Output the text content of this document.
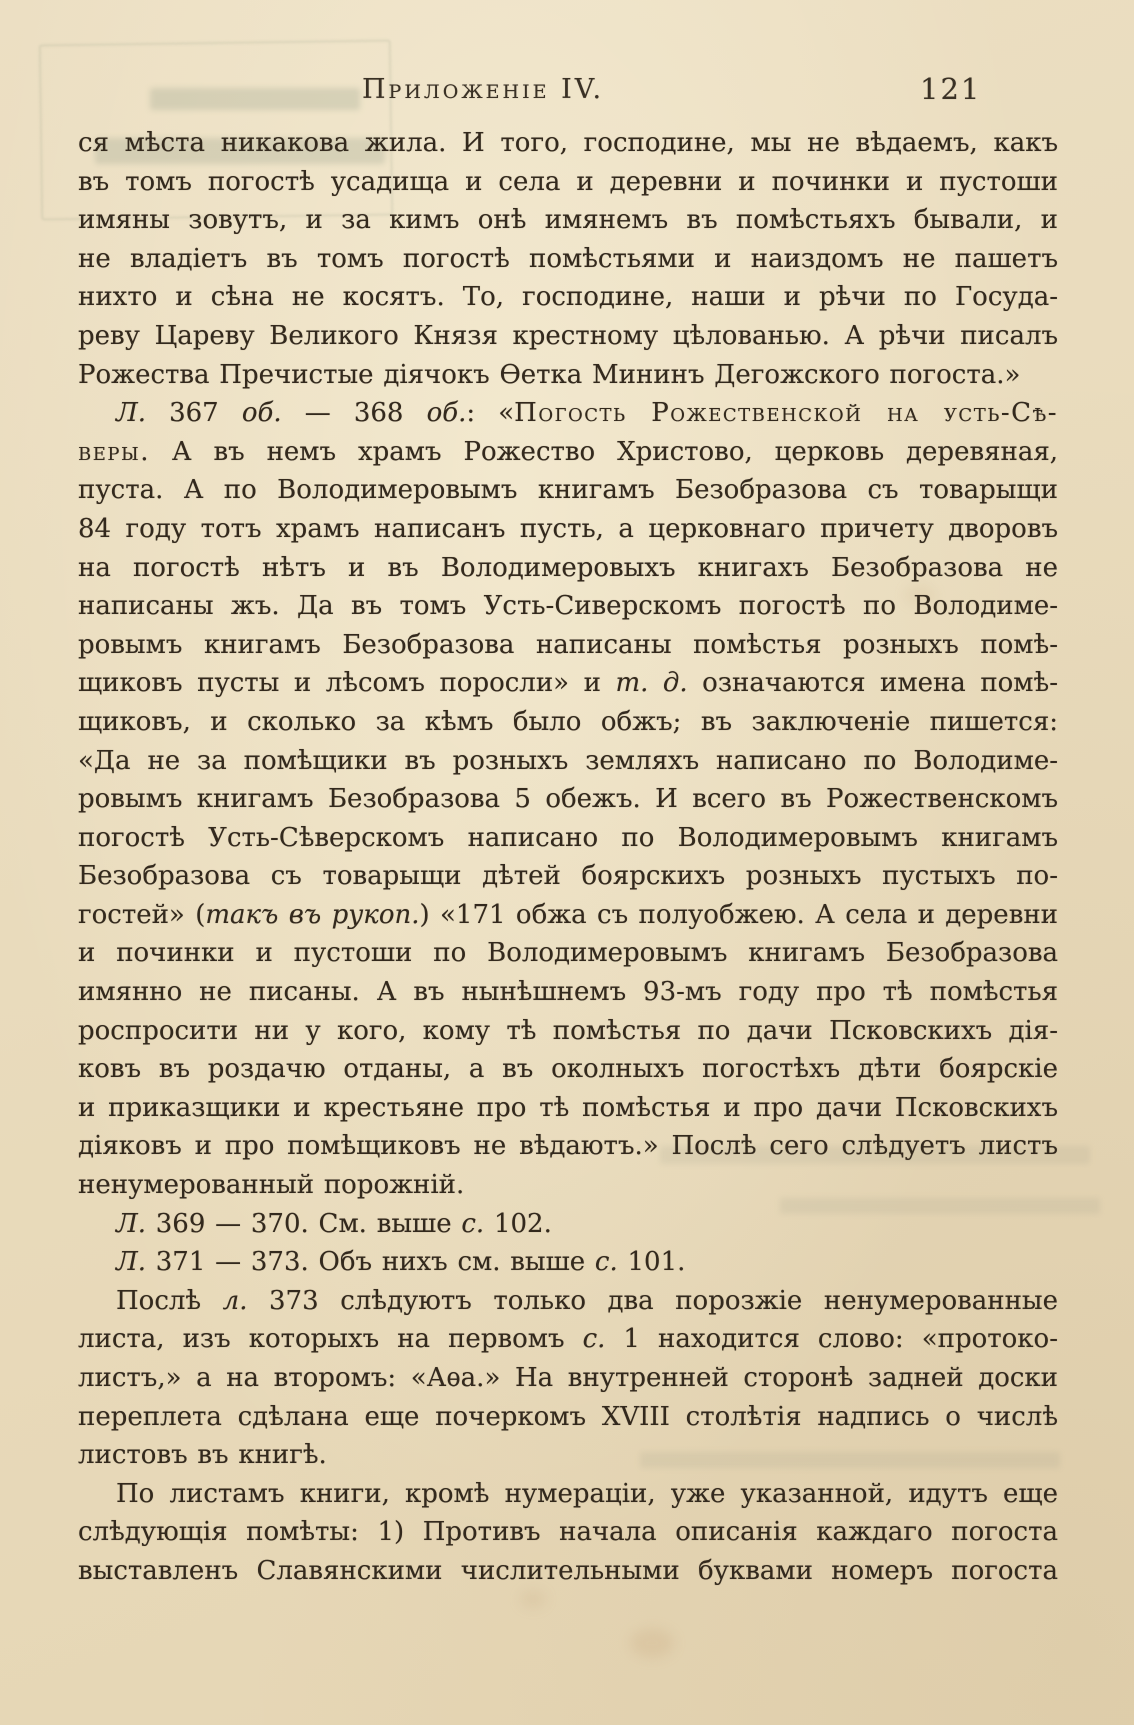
Приложеніе IV.	121
ся мѣста никакова жила. И того, господине, мы не вѣдаемъ, какъ
въ томъ погостѣ усадища и села и деревни и починки и пустоши
имяны зовутъ, и за кимъ онѣ имянемъ въ помѣстьяхъ бывали, и
не владіетъ въ томъ погостѣ помѣстьями и наиздомъ не пашетъ
нихто и сѣна не косятъ. То, господине, наши и рѣчи по Госуда-
реву Цареву Великого Князя крестному цѣлованью. А рѣчи писалъ
Рожества Пречистые діячокъ Ѳетка Мининъ Дегожского погоста.»
Л. 367 об. — 368 об.: «Погость Рожественской на усть-Сѣ-
веры. А въ немъ храмъ Рожество Христово, церковь деревяная,
пуста. А по Володимеровымъ книгамъ Безобразова съ товарыщи
84 году тотъ храмъ написанъ пусть, а церковнаго причету дворовъ
на погостѣ нѣтъ и въ Володимеровыхъ книгахъ Безобразова не
написаны жъ. Да въ томъ Усть-Сиверскомъ погостѣ по Володиме-
ровымъ книгамъ Безобразова написаны помѣстья розныхъ помѣ-
щиковъ пусты и лѣсомъ поросли» и т. д. означаются имена помѣ-
щиковъ, и сколько за кѣмъ было обжъ; въ заключеніе пишется:
«Да не за помѣщики въ розныхъ земляхъ написано по Володиме-
ровымъ книгамъ Безобразова 5 обежъ. И всего въ Рожественскомъ
погостѣ Усть-Сѣверскомъ написано по Володимеровымъ книгамъ
Безобразова съ товарыщи дѣтей боярскихъ розныхъ пустыхъ по-
гостей» (такъ въ рукоп.) «171 обжа съ полуобжею. А села и деревни
и починки и пустоши по Володимеровымъ книгамъ Безобразова
имянно не писаны. А въ нынѣшнемъ 93-мъ году про тѣ помѣстья
роспросити ни у кого, кому тѣ помѣстья по дачи Псковскихъ дія-
ковъ въ роздачю отданы, а въ околныхъ погостѣхъ дѣти боярскіе
и приказщики и крестьяне про тѣ помѣстья и про дачи Псковскихъ
діяковъ и про помѣщиковъ не вѣдаютъ.» Послѣ сего слѣдуетъ листъ
ненумерованный порожній.
Л. 369 — 370. См. выше с. 102.
Л. 371 — 373. Объ нихъ см. выше с. 101.
Послѣ л. 373 слѣдуютъ только два порозжіе ненумерованные
листа, изъ которыхъ на первомъ с. 1 находится слово: «протоко-
листъ,» а на второмъ: «Аѳа.» На внутренней сторонѣ задней доски
переплета сдѣлана еще почеркомъ XVIII столѣтія надпись о числѣ
листовъ въ книгѣ.
По листамъ книги, кромѣ нумераціи, уже указанной, идутъ еще
слѣдующія помѣты: 1) Противъ начала описанія каждаго погоста
выставленъ Славянскими числительными буквами номеръ погоста
